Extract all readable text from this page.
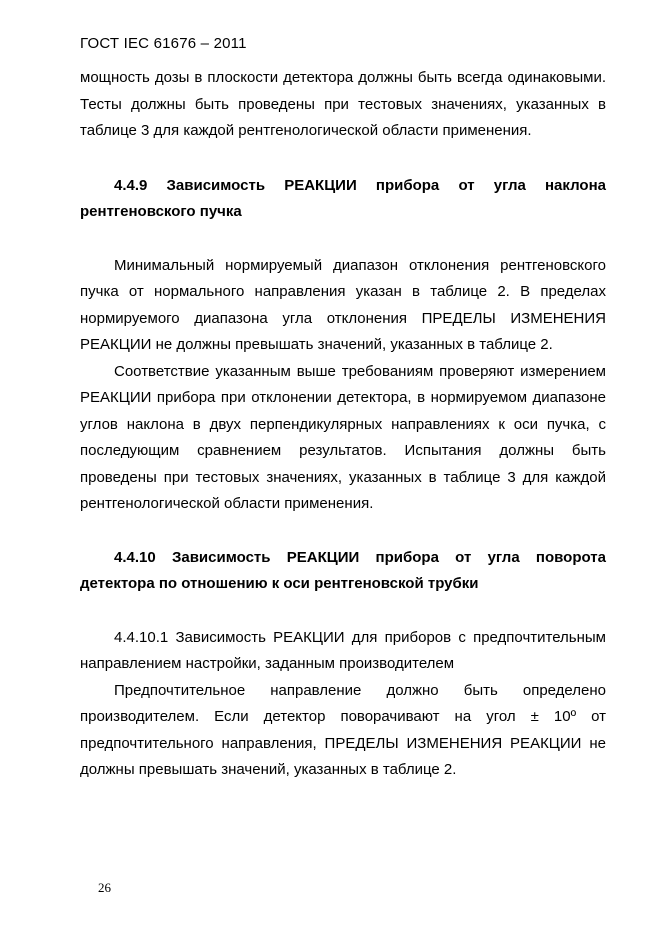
ГОСТ IEC 61676 – 2011

мощность дозы в плоскости детектора должны быть всегда одинаковыми. Тесты должны быть проведены при тестовых значениях, указанных в таблице 3 для каждой рентгенологической области применения.

4.4.9 Зависимость РЕАКЦИИ прибора от угла наклона рентгеновского пучка

Минимальный нормируемый диапазон отклонения рентгеновского пучка от нормального направления указан в таблице 2. В пределах нормируемого диапазона угла отклонения ПРЕДЕЛЫ ИЗМЕНЕНИЯ РЕАКЦИИ не должны превышать значений, указанных в таблице 2.

Соответствие указанным выше требованиям проверяют измерением РЕАКЦИИ прибора при отклонении детектора, в нормируемом диапазоне углов наклона в двух перпендикулярных направлениях к оси пучка, с последующим сравнением результатов. Испытания должны быть проведены при тестовых значениях, указанных в таблице 3 для каждой рентгенологической области применения.

4.4.10 Зависимость РЕАКЦИИ прибора от угла поворота детектора по отношению к оси рентгеновской трубки

4.4.10.1 Зависимость РЕАКЦИИ для приборов с предпочтительным направлением настройки, заданным производителем

Предпочтительное направление должно быть определено производителем. Если детектор поворачивают на угол ± 10º от предпочтительного направления, ПРЕДЕЛЫ ИЗМЕНЕНИЯ РЕАКЦИИ не должны превышать значений, указанных в таблице 2.

26
